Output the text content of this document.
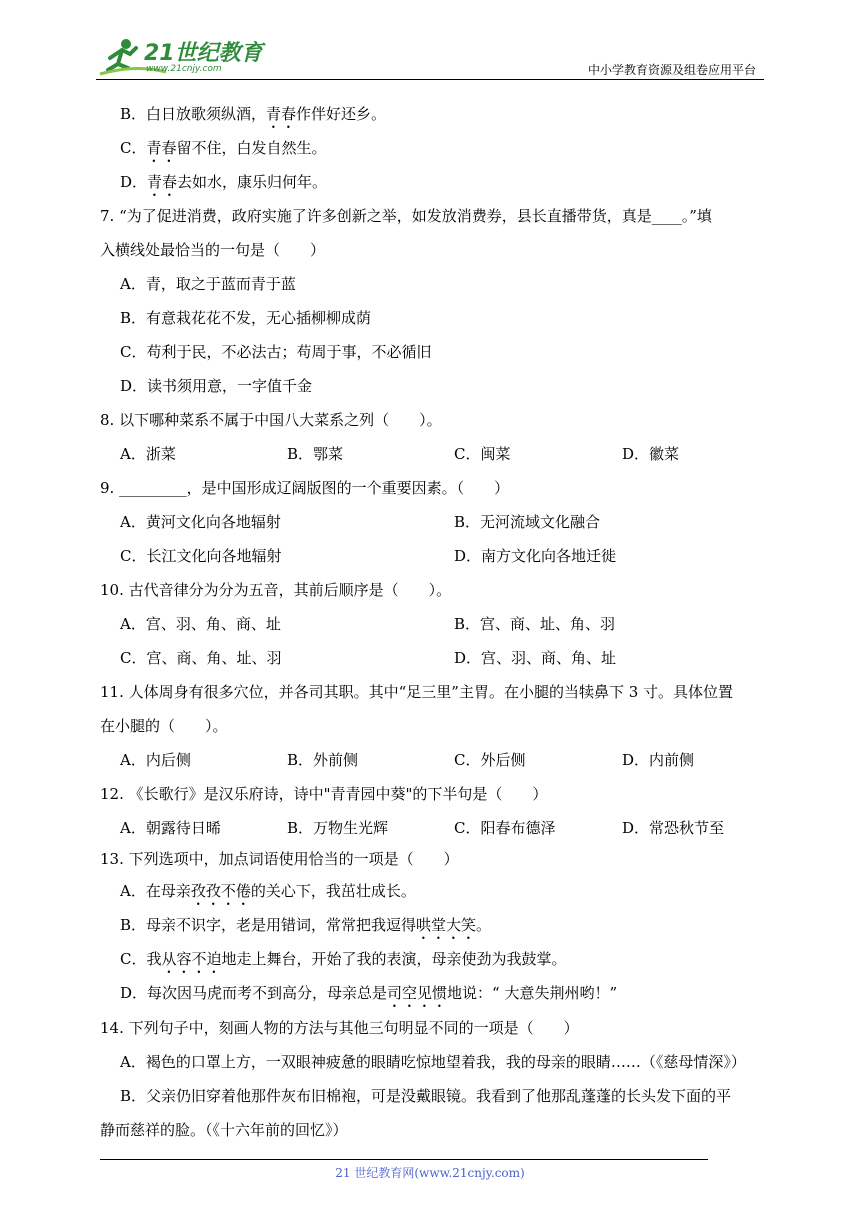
21世纪教育
www.21cnjy.com	中小学教育资源及组卷应用平台
B．白日放歌须纵酒，青春作伴好还乡。
C．青春留不住，白发自然生。
D．青春去如水，康乐归何年。
7. “为了促进消费，政府实施了许多创新之举，如发放消费券，县长直播带货，真是____。”填
入横线处最恰当的一句是（　　）
A．青，取之于蓝而青于蓝
B．有意栽花花不发，无心插柳柳成荫
C．苟利于民，不必法古；苟周于事，不必循旧
D．读书须用意，一字值千金
8. 以下哪种菜系不属于中国八大菜系之列（　　）。
A．浙菜	B．鄂菜	C．闽菜	D．徽菜
9. _________，是中国形成辽阔版图的一个重要因素。（　　）
A．黄河文化向各地辐射	B．无河流域文化融合
C．长江文化向各地辐射	D．南方文化向各地迁徙
10. 古代音律分为分为五音，其前后顺序是（　　）。
A．宫、羽、角、商、址	B．宫、商、址、角、羽
C．宫、商、角、址、羽	D．宫、羽、商、角、址
11. 人体周身有很多穴位，并各司其职。其中“足三里”主胃。在小腿的当犊鼻下 3 寸。具体位置
在小腿的（　　）。
A．内后侧	B．外前侧	C．外后侧	D．内前侧
12. 《长歌行》是汉乐府诗，诗中"青青园中葵"的下半句是（　　）
A．朝露待日晞	B．万物生光辉	C．阳春布德泽	D．常恐秋节至
13. 下列选项中，加点词语使用恰当的一项是（　　）
A．在母亲孜孜不倦的关心下，我茁壮成长。
B．母亲不识字，老是用错词，常常把我逗得哄堂大笑。
C．我从容不迫地走上舞台，开始了我的表演，母亲使劲为我鼓掌。
D．每次因马虎而考不到高分，母亲总是司空见惯地说：“ 大意失荆州哟！”
14. 下列句子中，刻画人物的方法与其他三句明显不同的一项是（　　）
A．褐色的口罩上方，一双眼神疲惫的眼睛吃惊地望着我，我的母亲的眼睛……（《慈母情深》）
B．父亲仍旧穿着他那件灰布旧棉袍，可是没戴眼镜。我看到了他那乱蓬蓬的长头发下面的平
静而慈祥的脸。（《十六年前的回忆》）
21 世纪教育网(www.21cnjy.com)
